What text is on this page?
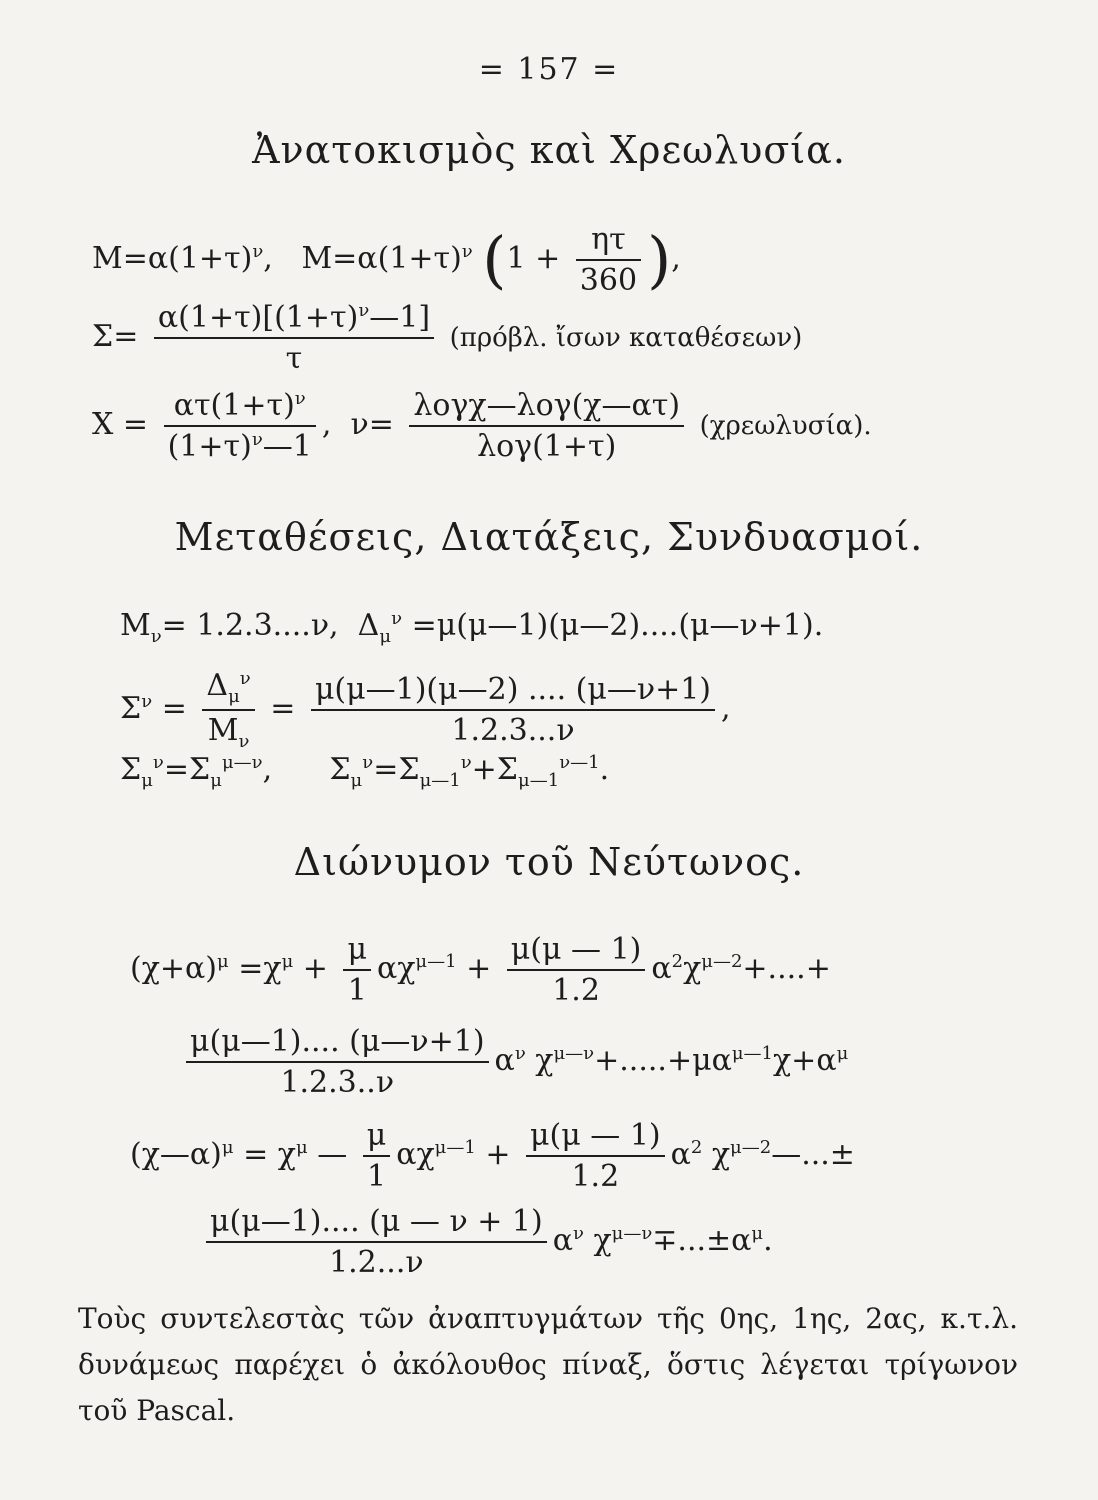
= 157 =
Ἀνατοκισμὸς καὶ Χρεωλυσία.
$M=\alpha(1+\tau)^\nu$,   $M=\alpha(1+\tau)^\nu$ ($1 + \frac{\eta\tau}{360}$ ),
$\Sigma= \frac{\alpha(1+\tau)[(1+\tau)^\nu—1]}{\tau} (\pi\rho ό\beta\lambda$. ἴσων καταθέσεων)
$X = \frac{\alpha\tau(1+\tau)^\nu}{(1+\tau)^\nu—1}$ ,  $\nu= \frac{\text{λογχ—λογ(χ—ατ)}}{\text{λογ(1+τ)}} (\chi\rho\varepsilon\omega\lambda\upsilon\sigma ί\alpha)$.
Μεταθέσεις, Διατάξεις, Συνδυασμοί.
$M_\nu= 1.2.3....\nu$,  $\Delta_\mu^\nu$ =μ(μ—1)(μ—2)....(μ—ν+1).
$\Sigma^\nu = \frac{\Delta_\mu^\nu}{M_\nu} = \frac{\mu(\mu—1)(\mu—2) .... (\mu—\nu+1)}{1.2.3...\nu}$ ,
$\Sigma_\mu^\nu=\Sigma_\mu^{\mu—\nu}$,      $\Sigma_\mu^\nu=\Sigma_{\mu—1}^\nu+\Sigma_{\mu—1}^{\nu—1}$.
Διώνυμον τοῦ Νεύτωνος.
$(\chi+\alpha)^\mu =\chi^\mu + \frac{\mu}{1} \alpha\chi^{\mu—1} + \frac{\mu(\mu — 1)}{1.2} \alpha^2\chi^{\mu—2}+....+$
$\frac{\mu(\mu—1).... (\mu—\nu+1)}{1.2.3..\nu} \alpha^\nu$ $\chi^{\mu—\nu}+.....+\mu\alpha^{\mu—1}\chi+\alpha^\mu$
(χ—α)$^\mu$ = $\chi^\mu$ — $\frac{\mu}{1} \alpha\chi^{\mu—1} + \frac{\mu(\mu — 1)}{1.2} \alpha^2$ $\chi^{\mu—2}—...\pm$
$\frac{\mu(\mu—1).... (\mu — \nu + 1)}{1.2...\nu} \alpha^\nu$ $\chi^{\mu—\nu}\mp...\pm\alpha^\mu$.
Τοὺς συντελεστὰς τῶν ἀναπτυγμάτων τῆς 0ης, 1ης, 2ας, κ.τ.λ. δυνάμεως παρέχει ὁ ἀκόλουθος πίναξ, ὅστις λέγεται τρίγωνον τοῦ Pascal.
